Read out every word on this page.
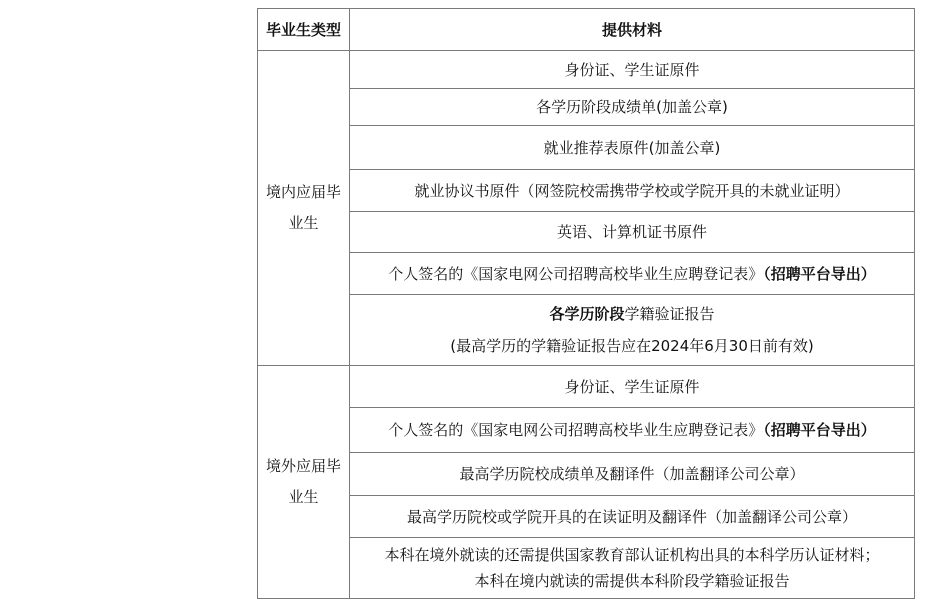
毕业生类型	提供材料
境内应届毕业生	身份证、学生证原件
	各学历阶段成绩单(加盖公章)
	就业推荐表原件(加盖公章)
	就业协议书原件（网签院校需携带学校或学院开具的未就业证明）
	英语、计算机证书原件
	个人签名的《国家电网公司招聘高校毕业生应聘登记表》（招聘平台导出）

	各学历阶段学籍验证报告
(最高学历的学籍验证报告应在2024年6月30日前有效)

境外应届毕业生	身份证、学生证原件
	个人签名的《国家电网公司招聘高校毕业生应聘登记表》（招聘平台导出）
	最高学历院校成绩单及翻译件（加盖翻译公司公章）
	最高学历院校或学院开具的在读证明及翻译件（加盖翻译公司公章）

	本科在境外就读的还需提供国家教育部认证机构出具的本科学历认证材料；
本科在境内就读的需提供本科阶段学籍验证报告
